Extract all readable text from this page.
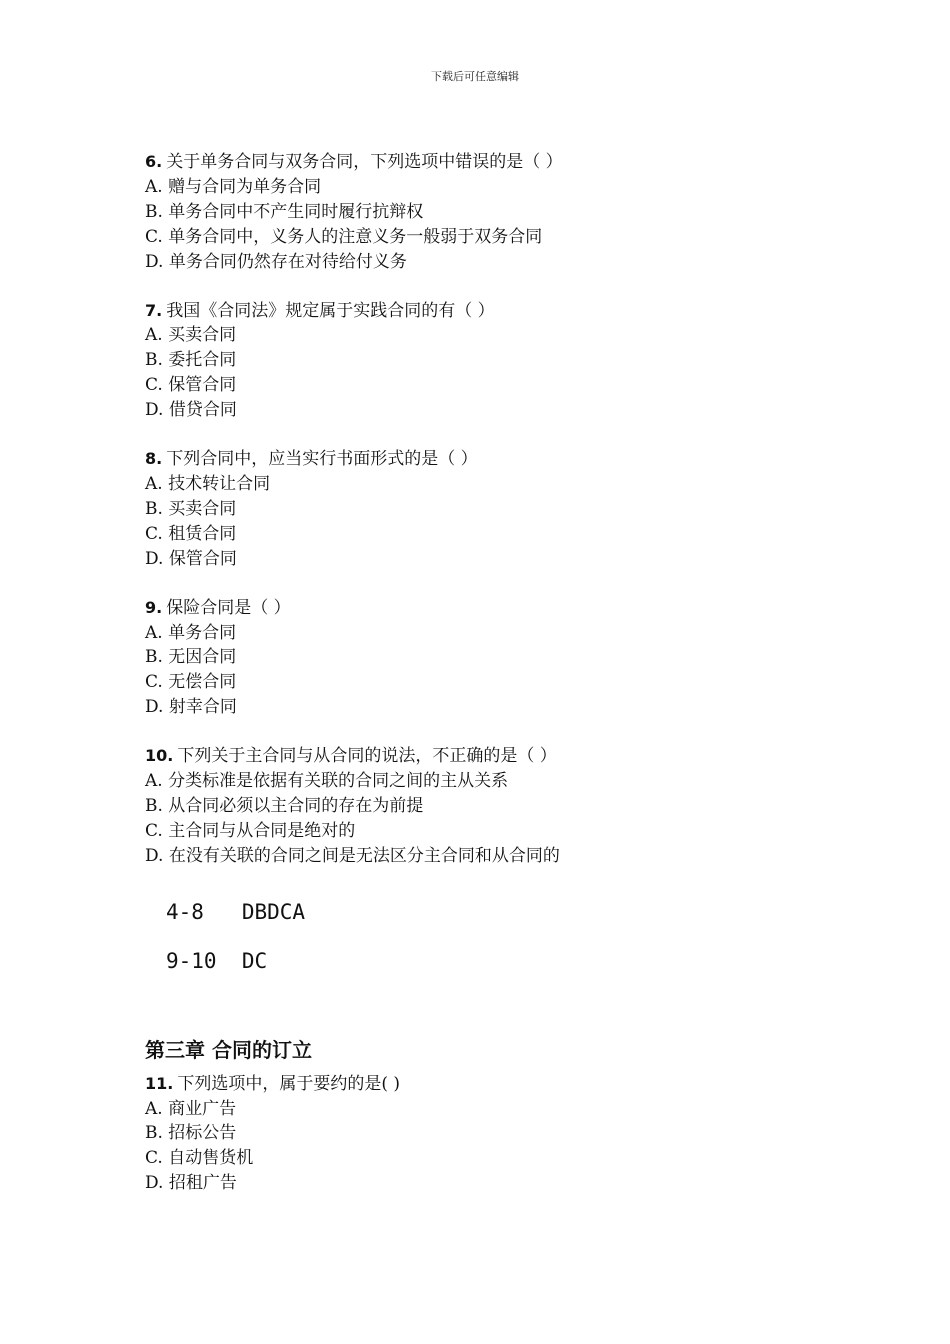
下载后可任意编辑
6. 关于单务合同与双务合同，下列选项中错误的是（ ）
A. 赠与合同为单务合同
B. 单务合同中不产生同时履行抗辩权
C. 单务合同中，义务人的注意义务一般弱于双务合同
D. 单务合同仍然存在对待给付义务
7. 我国《合同法》规定属于实践合同的有（ ）
A. 买卖合同
B. 委托合同
C. 保管合同
D. 借贷合同
8. 下列合同中，应当实行书面形式的是（ ）
A. 技术转让合同
B. 买卖合同
C. 租赁合同
D. 保管合同
9. 保险合同是（ ）
A. 单务合同
B. 无因合同
C. 无偿合同
D. 射幸合同
10. 下列关于主合同与从合同的说法，不正确的是（ ）
A. 分类标准是依据有关联的合同之间的主从关系
B. 从合同必须以主合同的存在为前提
C. 主合同与从合同是绝对的
D. 在没有关联的合同之间是无法区分主合同和从合同的
4-8   DBDCA
9-10  DC
第三章 合同的订立
11. 下列选项中，属于要约的是( )
A. 商业广告
B. 招标公告
C. 自动售货机
D. 招租广告
